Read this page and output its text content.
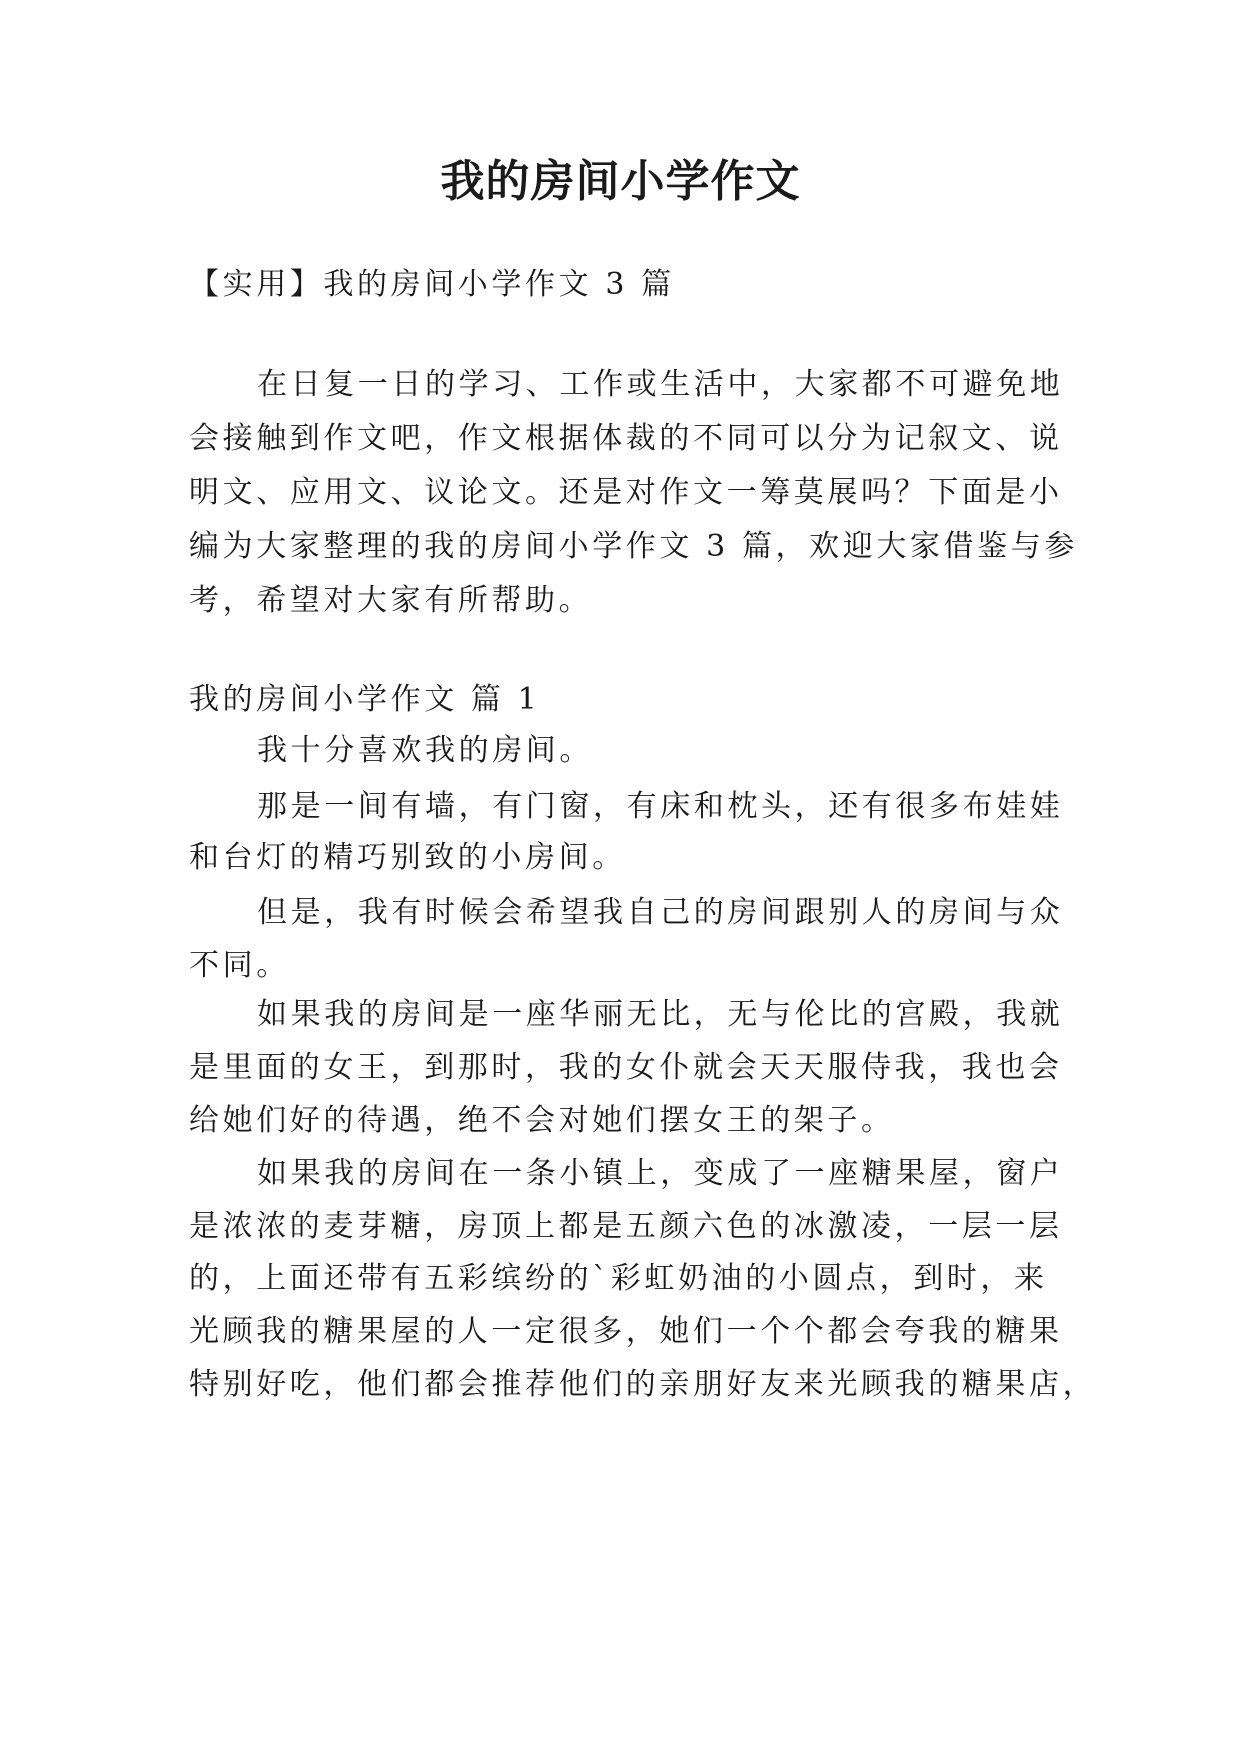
我的房间小学作文
【实用】我的房间小学作文 3 篇
在日复一日的学习、工作或生活中，大家都不可避免地
会接触到作文吧，作文根据体裁的不同可以分为记叙文、说
明文、应用文、议论文。还是对作文一筹莫展吗？下面是小
编为大家整理的我的房间小学作文 3 篇，欢迎大家借鉴与参
考，希望对大家有所帮助。
我的房间小学作文 篇 1
我十分喜欢我的房间。
那是一间有墙，有门窗，有床和枕头，还有很多布娃娃
和台灯的精巧别致的小房间。
但是，我有时候会希望我自己的房间跟别人的房间与众
不同。
如果我的房间是一座华丽无比，无与伦比的宫殿，我就
是里面的女王，到那时，我的女仆就会天天服侍我，我也会
给她们好的待遇，绝不会对她们摆女王的架子。
如果我的房间在一条小镇上，变成了一座糖果屋，窗户
是浓浓的麦芽糖，房顶上都是五颜六色的冰激凌，一层一层
的，上面还带有五彩缤纷的`彩虹奶油的小圆点，到时，来
光顾我的糖果屋的人一定很多，她们一个个都会夸我的糖果
特别好吃，他们都会推荐他们的亲朋好友来光顾我的糖果店，
